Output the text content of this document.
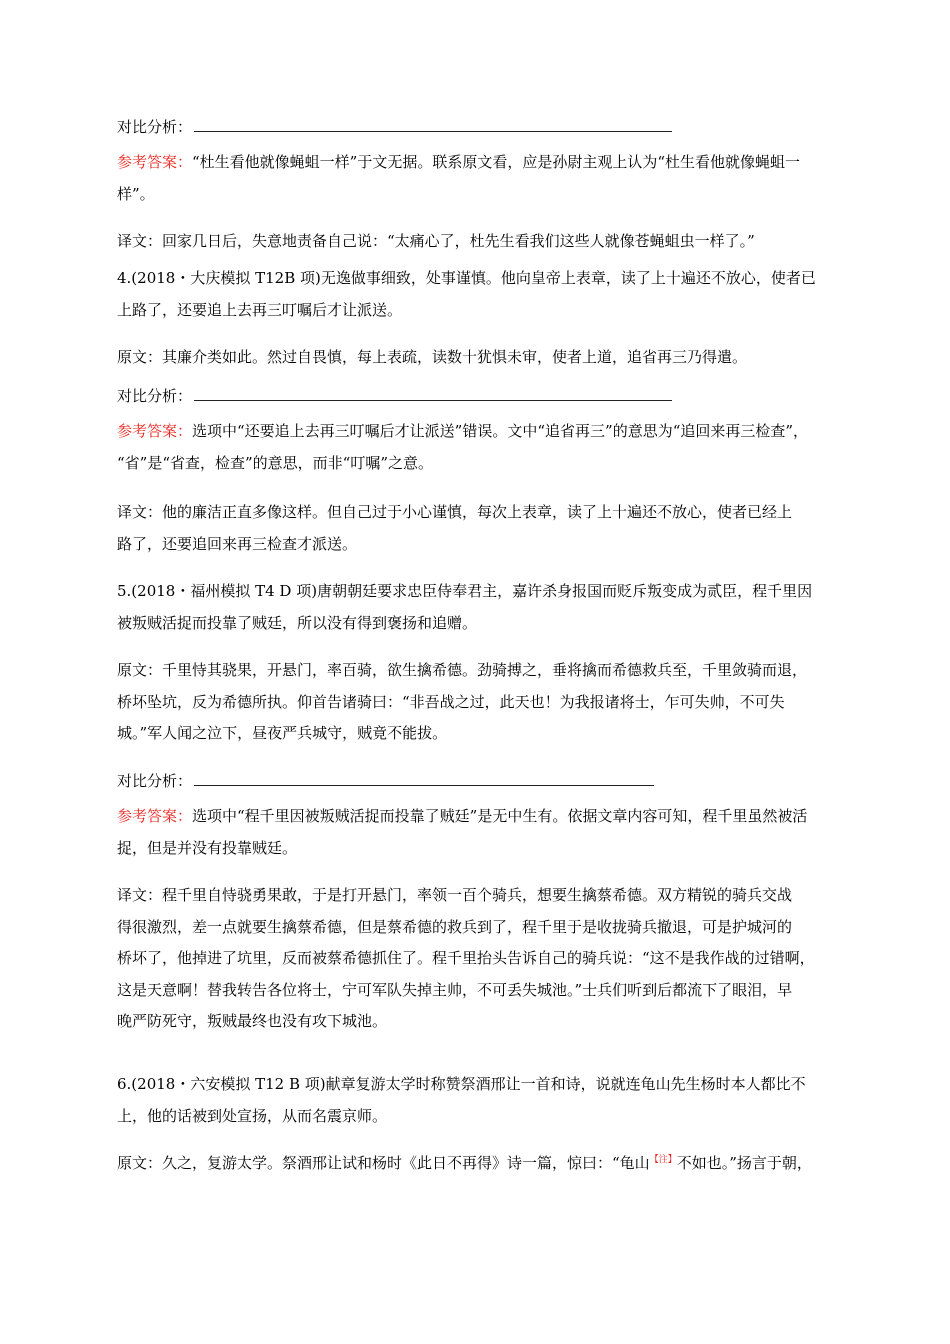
对比分析：
参考答案：“杜生看他就像蝇蛆一样”于文无据。联系原文看，应是孙尉主观上认为“杜生看他就像蝇蛆一
样”。
译文：回家几日后，失意地责备自己说：“太痛心了，杜先生看我们这些人就像苍蝇蛆虫一样了。”
4.(2018・大庆模拟 T12B 项)无逸做事细致，处事谨慎。他向皇帝上表章，读了上十遍还不放心，使者已
上路了，还要追上去再三叮嘱后才让派送。
原文：其廉介类如此。然过自畏慎，每上表疏，读数十犹惧未审，使者上道，追省再三乃得遣。
对比分析：
参考答案：选项中“还要追上去再三叮嘱后才让派送”错误。文中“追省再三”的意思为“追回来再三检查”，
“省”是“省查，检查”的意思，而非“叮嘱”之意。
译文：他的廉洁正直多像这样。但自己过于小心谨慎，每次上表章，读了上十遍还不放心，使者已经上
路了，还要追回来再三检查才派送。
5.(2018・福州模拟 T4 D 项)唐朝朝廷要求忠臣侍奉君主，嘉许杀身报国而贬斥叛变成为贰臣，程千里因
被叛贼活捉而投靠了贼廷，所以没有得到褒扬和追赠。
原文：千里恃其骁果，开悬门，率百骑，欲生擒希德。劲骑搏之，垂将擒而希德救兵至，千里敛骑而退，
桥坏坠坑，反为希德所执。仰首告诸骑曰：“非吾战之过，此天也！为我报诸将士，乍可失帅，不可失
城。”军人闻之泣下，昼夜严兵城守，贼竟不能拔。
对比分析：
参考答案：选项中“程千里因被叛贼活捉而投靠了贼廷”是无中生有。依据文章内容可知，程千里虽然被活
捉，但是并没有投靠贼廷。
译文：程千里自恃骁勇果敢，于是打开悬门，率领一百个骑兵，想要生擒蔡希德。双方精锐的骑兵交战
得很激烈，差一点就要生擒蔡希德，但是蔡希德的救兵到了，程千里于是收拢骑兵撤退，可是护城河的
桥坏了，他掉进了坑里，反而被蔡希德抓住了。程千里抬头告诉自己的骑兵说：“这不是我作战的过错啊，
这是天意啊！替我转告各位将士，宁可军队失掉主帅，不可丢失城池。”士兵们听到后都流下了眼泪，早
晚严防死守，叛贼最终也没有攻下城池。
6.(2018・六安模拟 T12 B 项)献章复游太学时称赞祭酒邢让一首和诗，说就连龟山先生杨时本人都比不
上，他的话被到处宣扬，从而名震京师。
原文：久之，复游太学。祭酒邢让试和杨时《此日不再得》诗一篇，惊曰：“龟山$^{【注】}$不如也。”扬言于朝，
